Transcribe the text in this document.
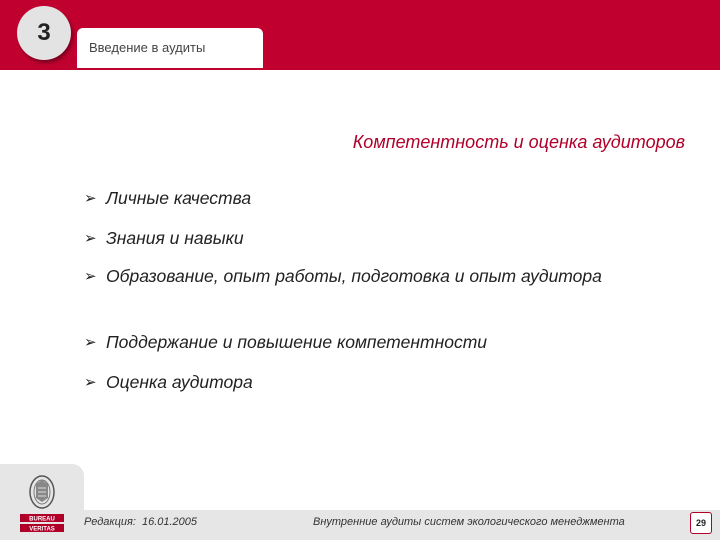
3
Введение в аудиты
Компетентность и оценка аудиторов
➢ Личные качества
➢ Знания и навыки
➢ Образование, опыт работы, подготовка и опыт аудитора
➢ Поддержание и повышение компетентности
➢ Оценка аудитора
BUREAU
VERITAS
Редакция: 16.01.2005	Внутренние аудиты систем экологического менеджмента	29
